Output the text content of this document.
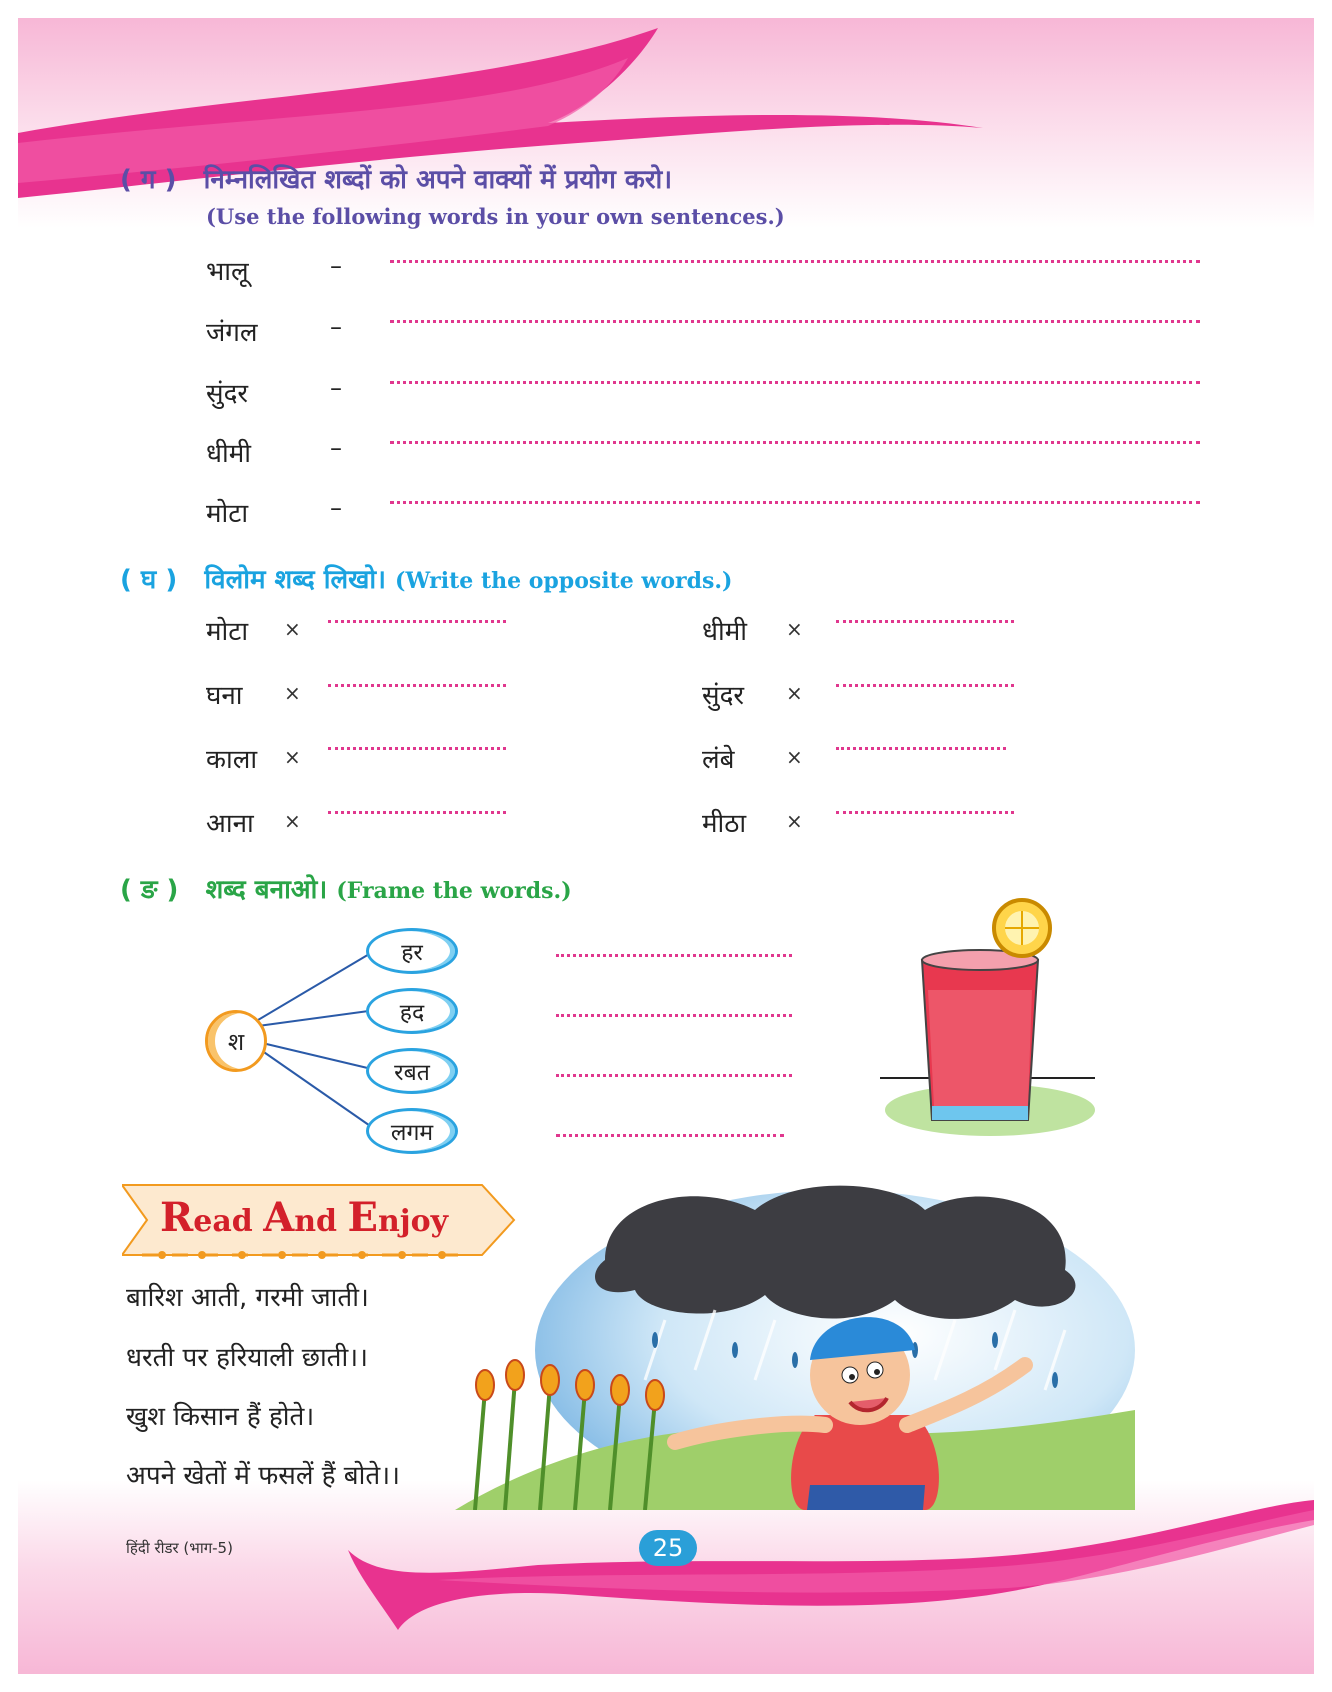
( ग ) निम्नलिखित शब्दों को अपने वाक्यों में प्रयोग करो।
(Use the following words in your own sentences.)
भालू	–
जंगल	–
सुंदर	–
धीमी	–
मोटा	–
( घ ) विलोम शब्द लिखो। (Write the opposite words.)
मोटा ×	धीमी ×
घना ×	सुंदर ×
काला ×	लंबे	×
आना ×	मीठा ×
( ङ ) शब्द बनाओ। (Frame the words.)
श
हर
हद
रबत
लगम
Read And Enjoy
बारिश आती, गरमी जाती।
धरती पर हरियाली छाती।।
खुश किसान हैं होते।
अपने खेतों में फसलें हैं बोते।।
हिंदी रीडर (भाग-5)	25
